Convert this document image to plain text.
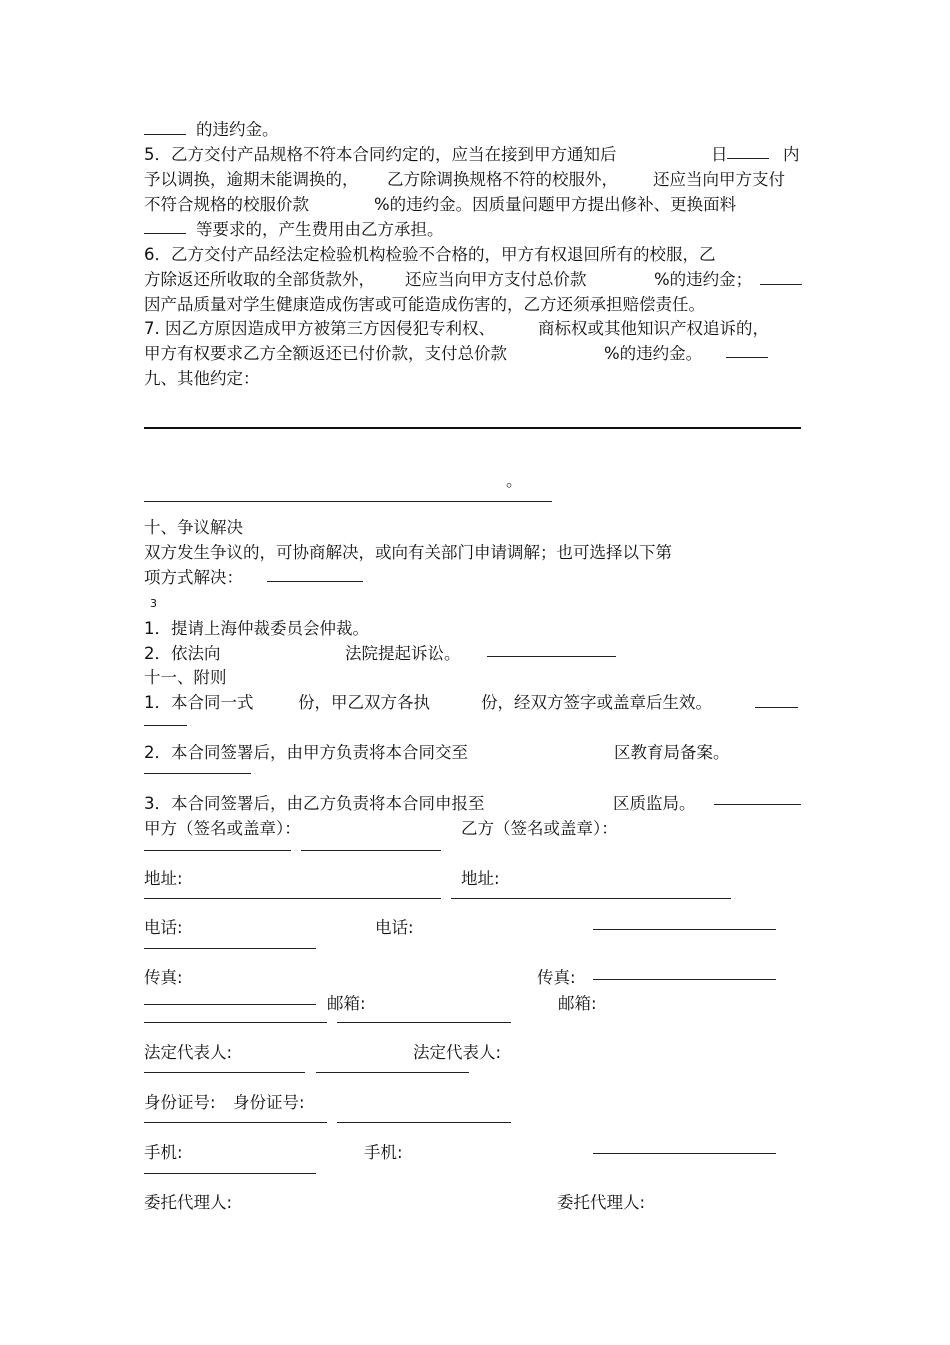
的违约金。
5．乙方交付产品规格不符本合同约定的，应当在接到甲方通知后	日	内
予以调换，逾期未能调换的， 乙方除调换规格不符的校服外， 还应当向甲方支付
不符合规格的校服价款	%的违约金。因质量问题甲方提出修补、更换面料
等要求的，产生费用由乙方承担。
6．乙方交付产品经法定检验机构检验不合格的，甲方有权退回所有的校服，乙
方除返还所收取的全部货款外， 还应当向甲方支付总价款	%的违约金；
因产品质量对学生健康造成伤害或可能造成伤害的，乙方还须承担赔偿责任。
7. 因乙方原因造成甲方被第三方因侵犯专利权、	商标权或其他知识产权追诉的，
甲方有权要求乙方全额返还已付价款，支付总价款	%的违约金。
九、其他约定：
。
十、争议解决
双方发生争议的，可协商解决，或向有关部门申请调解；也可选择以下第
项方式解决：
3
1．提请上海仲裁委员会仲裁。
2．依法向	法院提起诉讼。
十一、附则
1．本合同一式	份，甲乙双方各执	份，经双方签字或盖章后生效。
2．本合同签署后，由甲方负责将本合同交至	区教育局备案。
3．本合同签署后，由乙方负责将本合同申报至	区质监局。
甲方（签名或盖章）：	乙方（签名或盖章）：
地址:	地址:
电话:	电话:
传真:	传真:
邮箱:	邮箱:
法定代表人:	法定代表人:
身份证号: 身份证号:
手机:	手机:
委托代理人:	委托代理人:
